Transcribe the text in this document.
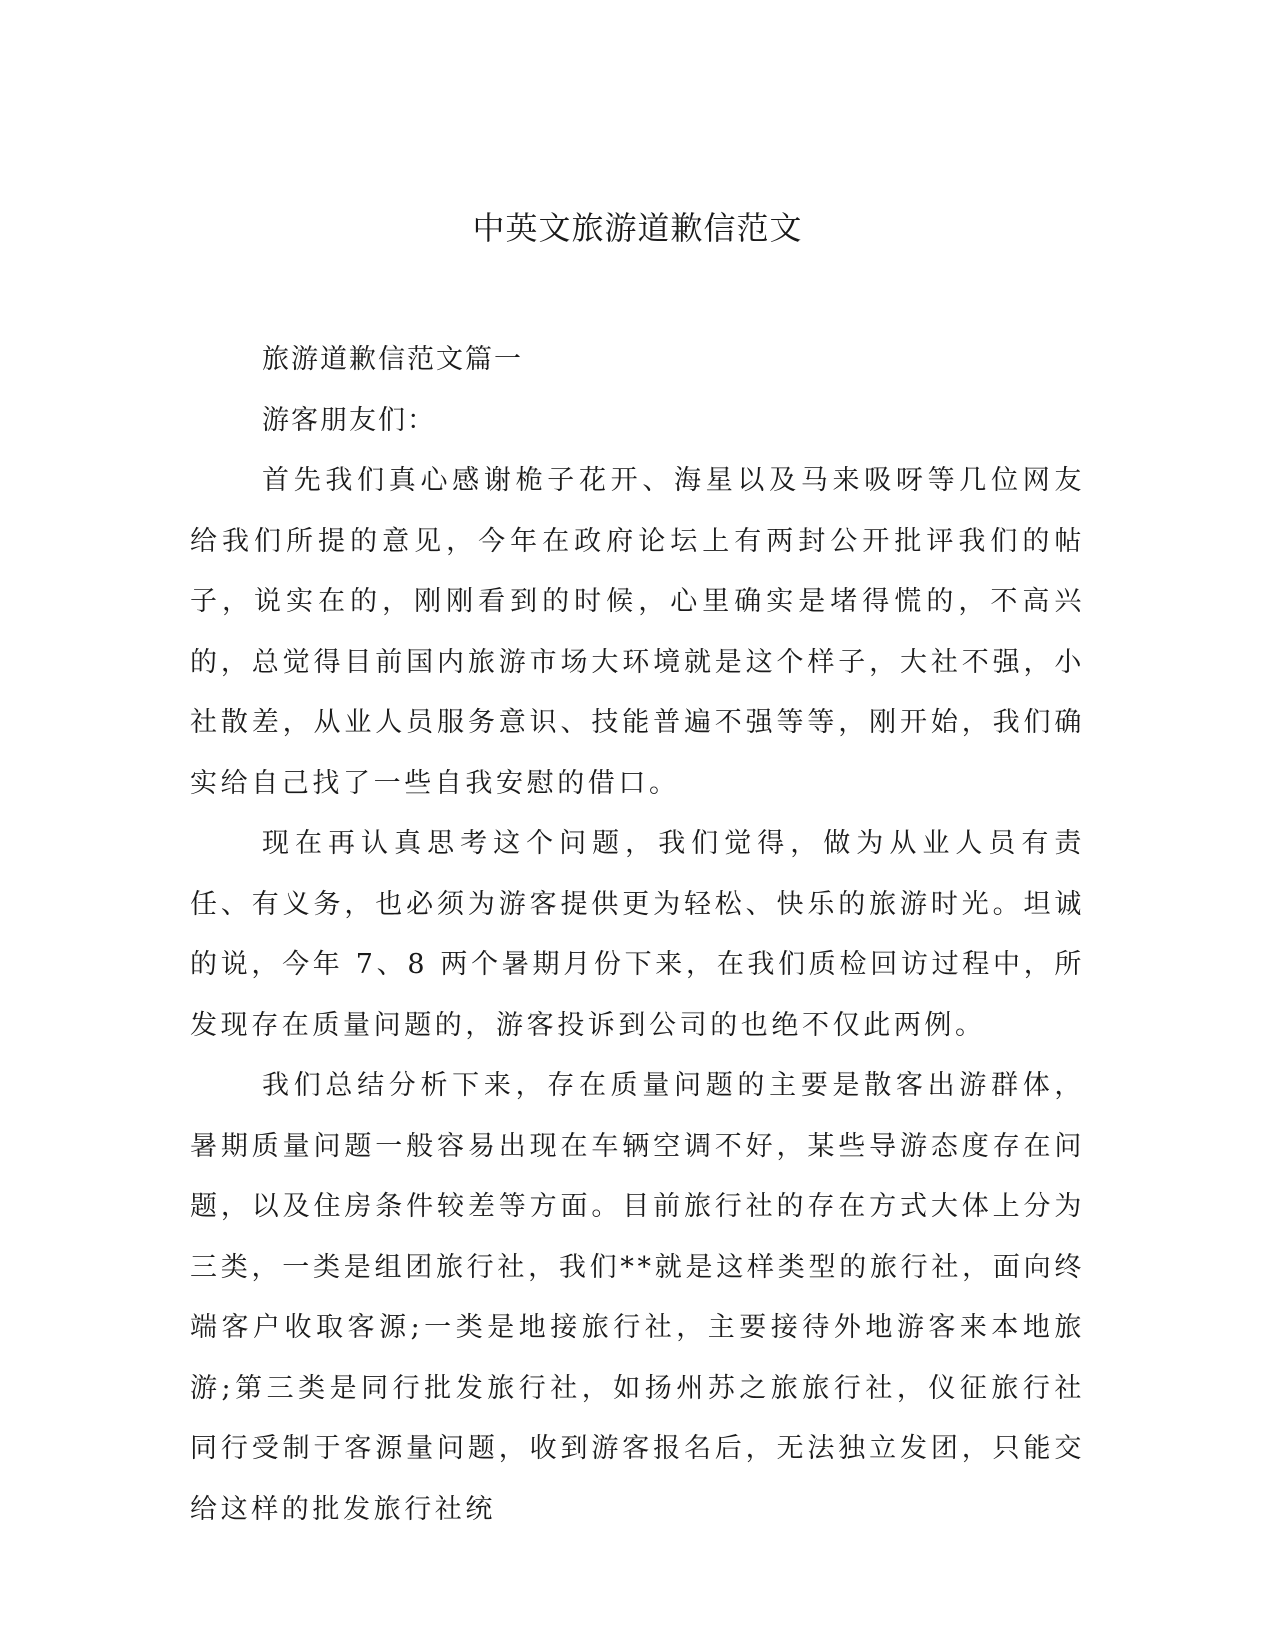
中英文旅游道歉信范文

旅游道歉信范文篇一

游客朋友们：

首先我们真心感谢桅子花开、海星以及马来吸呀等几位网友给我们所提的意见，今年在政府论坛上有两封公开批评我们的帖子，说实在的，刚刚看到的时候，心里确实是堵得慌的，不高兴的，总觉得目前国内旅游市场大环境就是这个样子，大社不强，小社散差，从业人员服务意识、技能普遍不强等等，刚开始，我们确实给自己找了一些自我安慰的借口。

现在再认真思考这个问题，我们觉得，做为从业人员有责任、有义务，也必须为游客提供更为轻松、快乐的旅游时光。坦诚的说，今年 7、8 两个暑期月份下来，在我们质检回访过程中，所发现存在质量问题的，游客投诉到公司的也绝不仅此两例。

我们总结分析下来，存在质量问题的主要是散客出游群体，暑期质量问题一般容易出现在车辆空调不好，某些导游态度存在问题，以及住房条件较差等方面。目前旅行社的存在方式大体上分为三类，一类是组团旅行社，我们**就是这样类型的旅行社，面向终端客户收取客源;一类是地接旅行社，主要接待外地游客来本地旅游;第三类是同行批发旅行社，如扬州苏之旅旅行社，仪征旅行社同行受制于客源量问题，收到游客报名后，无法独立发团，只能交给这样的批发旅行社统
